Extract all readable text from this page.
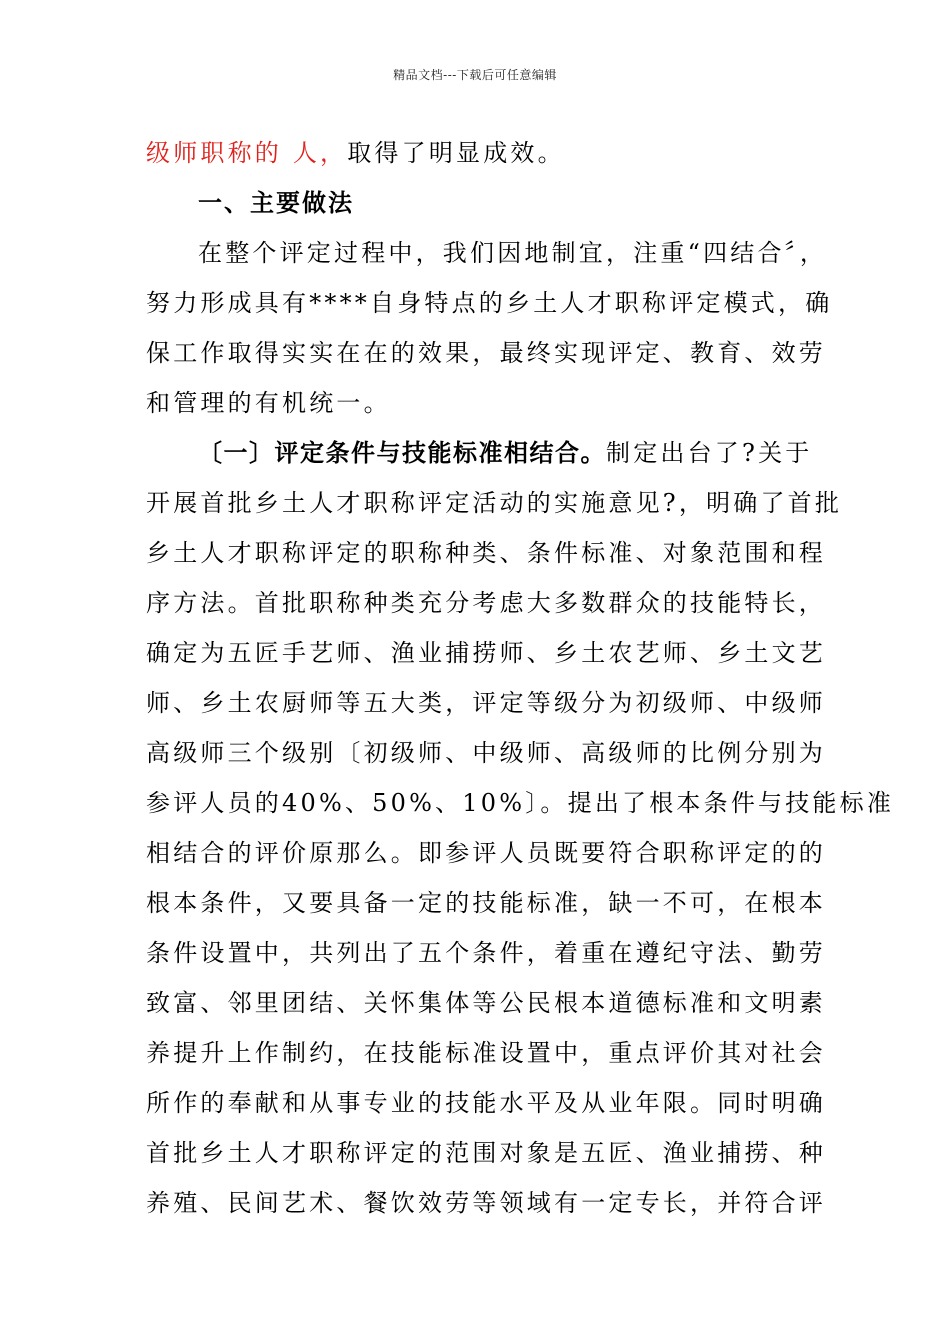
精品文档---下载后可任意编辑
级师职称的 人，取得了明显成效。
一、主要做法
在整个评定过程中，我们因地制宜，注重“四结合〞，
努力形成具有****自身特点的乡土人才职称评定模式，确
保工作取得实实在在的效果，最终实现评定、教育、效劳
和管理的有机统一。
〔一〕评定条件与技能标准相结合。制定出台了?关于
开展首批乡土人才职称评定活动的实施意见?，明确了首批
乡土人才职称评定的职称种类、条件标准、对象范围和程
序方法。首批职称种类充分考虑大多数群众的技能特长，
确定为五匠手艺师、渔业捕捞师、乡土农艺师、乡土文艺
师、乡土农厨师等五大类，评定等级分为初级师、中级师
高级师三个级别〔初级师、中级师、高级师的比例分别为
参评人员的40%、50%、10%〕。提出了根本条件与技能标准
相结合的评价原那么。即参评人员既要符合职称评定的的
根本条件，又要具备一定的技能标准，缺一不可，在根本
条件设置中，共列出了五个条件，着重在遵纪守法、勤劳
致富、邻里团结、关怀集体等公民根本道德标准和文明素
养提升上作制约，在技能标准设置中，重点评价其对社会
所作的奉献和从事专业的技能水平及从业年限。同时明确
首批乡土人才职称评定的范围对象是五匠、渔业捕捞、种
养殖、民间艺术、餐饮效劳等领域有一定专长，并符合评
